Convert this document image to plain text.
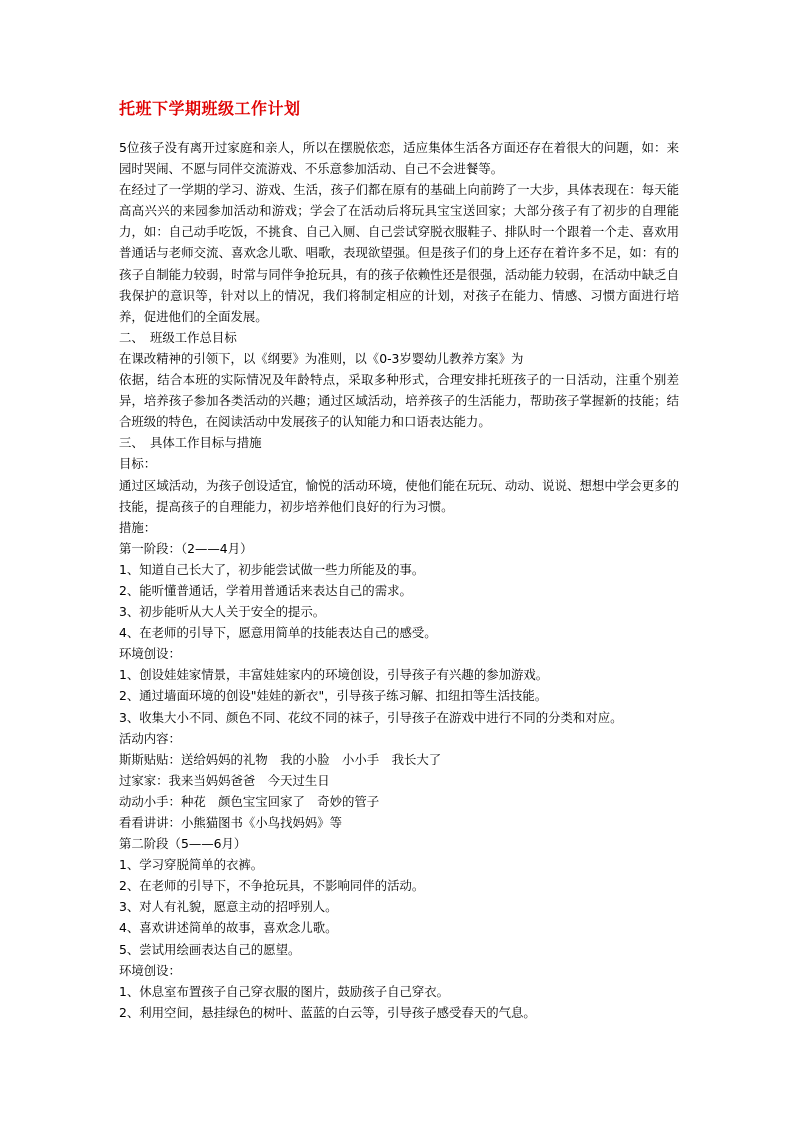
托班下学期班级工作计划

5位孩子没有离开过家庭和亲人，所以在摆脱依恋，适应集体生活各方面还存在着很大的问题，如：来园时哭闹、不愿与同伴交流游戏、不乐意参加活动、自己不会进餐等。

在经过了一学期的学习、游戏、生活，孩子们都在原有的基础上向前跨了一大步，具体表现在：每天能高高兴兴的来园参加活动和游戏；学会了在活动后将玩具宝宝送回家；大部分孩子有了初步的自理能力，如：自己动手吃饭，不挑食、自己入厕、自己尝试穿脱衣服鞋子、排队时一个跟着一个走、喜欢用普通话与老师交流、喜欢念儿歌、唱歌，表现欲望强。但是孩子们的身上还存在着许多不足，如：有的孩子自制能力较弱，时常与同伴争抢玩具，有的孩子依赖性还是很强，活动能力较弱，在活动中缺乏自我保护的意识等，针对以上的情况，我们将制定相应的计划，对孩子在能力、情感、习惯方面进行培养，促进他们的全面发展。

二、　班级工作总目标

在课改精神的引领下，以《纲要》为准则，以《0-3岁婴幼儿教养方案》为

依据，结合本班的实际情况及年龄特点，采取多种形式，合理安排托班孩子的一日活动，注重个别差异，培养孩子参加各类活动的兴趣；通过区域活动，培养孩子的生活能力，帮助孩子掌握新的技能；结合班级的特色，在阅读活动中发展孩子的认知能力和口语表达能力。

三、　具体工作目标与措施

目标：

通过区域活动，为孩子创设适宜，愉悦的活动环境，使他们能在玩玩、动动、说说、想想中学会更多的技能，提高孩子的自理能力，初步培养他们良好的行为习惯。

措施：

第一阶段：（2——4月）

1、知道自己长大了，初步能尝试做一些力所能及的事。

2、能听懂普通话，学着用普通话来表达自己的需求。

3、初步能听从大人关于安全的提示。

4、在老师的引导下，愿意用简单的技能表达自己的感受。

环境创设：

1、创设娃娃家情景，丰富娃娃家内的环境创设，引导孩子有兴趣的参加游戏。

2、通过墙面环境的创设"娃娃的新衣"，引导孩子练习解、扣纽扣等生活技能。

3、收集大小不同、颜色不同、花纹不同的袜子，引导孩子在游戏中进行不同的分类和对应。

活动内容：

斯斯贴贴：送给妈妈的礼物　我的小脸　小小手　我长大了

过家家：我来当妈妈爸爸　今天过生日

动动小手：种花　颜色宝宝回家了　奇妙的管子

看看讲讲：小熊猫图书《小鸟找妈妈》等

第二阶段（5——6月）

1、学习穿脱简单的衣裤。

2、在老师的引导下，不争抢玩具，不影响同伴的活动。

3、对人有礼貌，愿意主动的招呼别人。

4、喜欢讲述简单的故事，喜欢念儿歌。

5、尝试用绘画表达自己的愿望。

环境创设：

1、休息室布置孩子自己穿衣服的图片，鼓励孩子自己穿衣。

2、利用空间，悬挂绿色的树叶、蓝蓝的白云等，引导孩子感受春天的气息。
